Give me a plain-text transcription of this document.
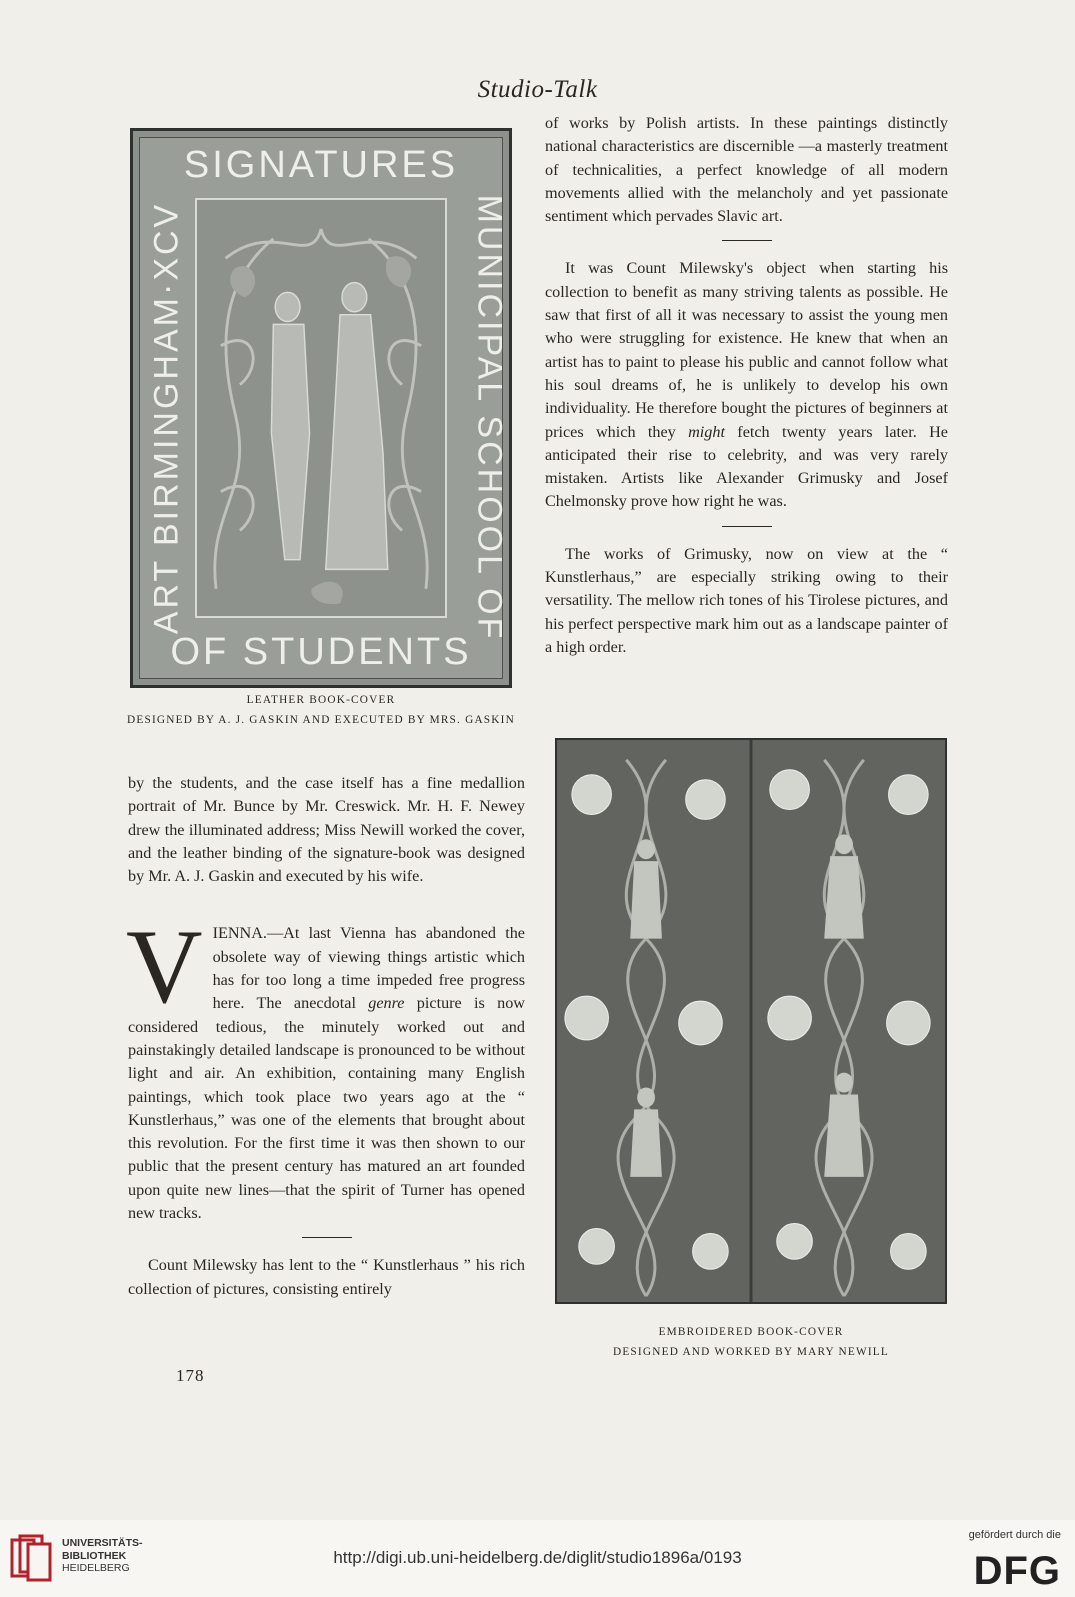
Studio-Talk
SIGNATURES
OF STUDENTS
ART BIRMINGHAM·XCV	MUNICIPAL SCHOOL OF
LEATHER BOOK-COVER
DESIGNED BY A. J. GASKIN AND EXECUTED BY MRS. GASKIN

of works by Polish artists. In these paintings distinctly national characteristics are discernible —a masterly treatment of technicalities, a perfect knowledge of all modern movements allied with the melancholy and yet passionate sentiment which pervades Slavic art.

It was Count Milewsky's object when starting his collection to benefit as many striving talents as possible. He saw that first of all it was necessary to assist the young men who were struggling for existence. He knew that when an artist has to paint to please his public and cannot follow what his soul dreams of, he is unlikely to develop his own individuality. He therefore bought the pictures of beginners at prices which they might fetch twenty years later. He anticipated their rise to celebrity, and was very rarely mistaken. Artists like Alexander Grimusky and Josef Chelmonsky prove how right he was.

The works of Grimusky, now on view at the “ Kunstlerhaus,” are especially striking owing to their versatility. The mellow rich tones of his Tirolese pictures, and his perfect perspective mark him out as a landscape painter of a high order.

EMBROIDERED BOOK-COVER
DESIGNED AND WORKED BY MARY NEWILL

by the students, and the case itself has a fine medallion portrait of Mr. Bunce by Mr. Creswick. Mr. H. F. Newey drew the illuminated address; Miss Newill worked the cover, and the leather binding of the signature-book was designed by Mr. A. J. Gaskin and executed by his wife.

VIENNA.—At last Vienna has abandoned the obsolete way of viewing things artistic which has for too long a time impeded free progress here. The anecdotal genre picture is now considered tedious, the minutely worked out and painstakingly detailed landscape is pronounced to be without light and air. An exhibition, containing many English paintings, which took place two years ago at the “ Kunstlerhaus,” was one of the elements that brought about this revolution. For the first time it was then shown to our public that the present century has matured an art founded upon quite new lines—that the spirit of Turner has opened new tracks.

Count Milewsky has lent to the “ Kunstlerhaus ” his rich collection of pictures, consisting entirely

178
UNIVERSITÄTS-
BIBLIOTHEK
HEIDELBERG
http://digi.ub.uni-heidelberg.de/diglit/studio1896a/0193
gefördert durch die
DFG
